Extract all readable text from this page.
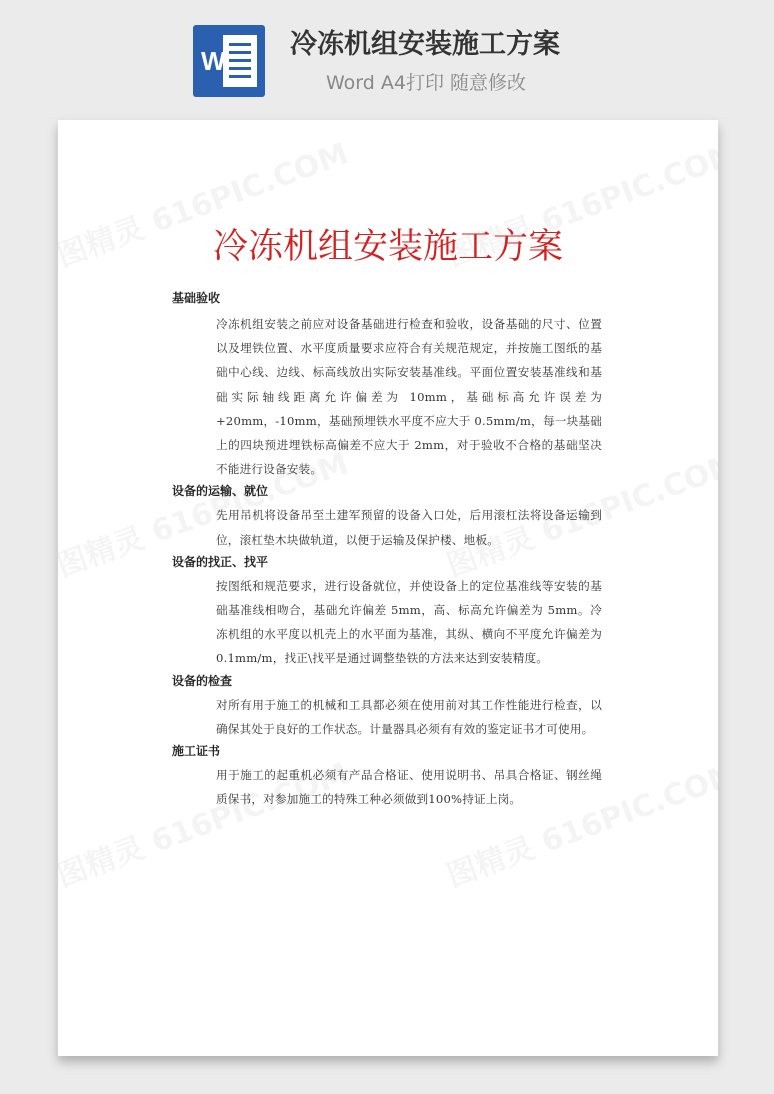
W
冷冻机组安装施工方案
Word A4打印 随意修改
冷冻机组安装施工方案

基础验收

冷冻机组安装之前应对设备基础进行检查和验收，设备基础的尺寸、位置以及埋铁位置、水平度质量要求应符合有关规范规定，并按施工图纸的基础中心线、边线、标高线放出实际安装基准线。平面位置安装基准线和基础实际轴线距离允许偏差为 10mm，基础标高允许误差为+20mm，-10mm，基础预埋铁水平度不应大于 0.5mm/m，每一块基础上的四块预进埋铁标高偏差不应大于 2mm，对于验收不合格的基础坚决不能进行设备安装。

设备的运输、就位

先用吊机将设备吊至土建军预留的设备入口处，后用滚杠法将设备运输到位，滚杠垫木块做轨道，以便于运输及保护楼、地板。

设备的找正、找平

按图纸和规范要求，进行设备就位，并使设备上的定位基准线等安装的基础基准线相吻合，基础允许偏差 5mm，高、标高允许偏差为 5mm。冷冻机组的水平度以机壳上的水平面为基准，其纵、横向不平度允许偏差为 0.1mm/m，找正\找平是通过调整垫铁的方法来达到安装精度。

设备的检查

对所有用于施工的机械和工具都必须在使用前对其工作性能进行检查，以确保其处于良好的工作状态。计量器具必须有有效的鉴定证书才可使用。

施工证书

用于施工的起重机必须有产品合格证、使用说明书、吊具合格证、钢丝绳质保书，对参加施工的特殊工种必须做到100%持证上岗。
